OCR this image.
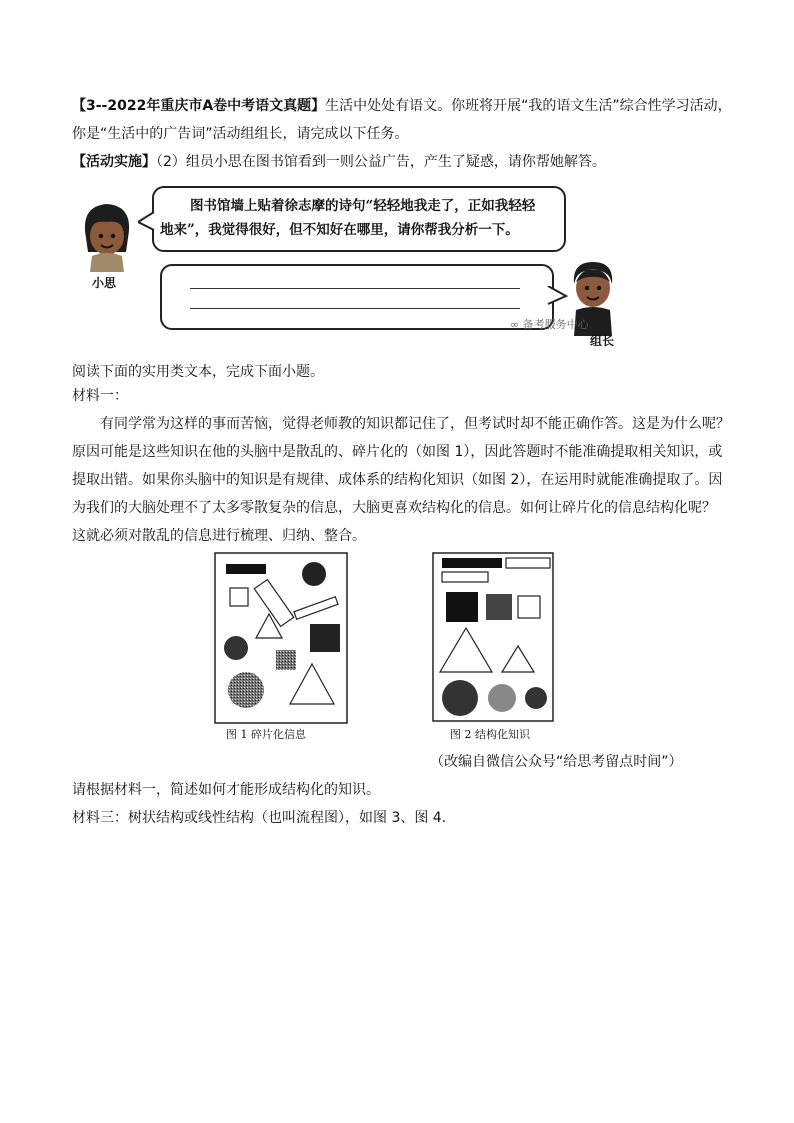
【3--2022年重庆市A卷中考语文真题】生活中处处有语文。你班将开展“我的语文生活”综合性学习活动，
你是“生活中的广告词”活动组组长，请完成以下任务。
【活动实施】（2）组员小思在图书馆看到一则公益广告，产生了疑惑，请你帮她解答。
小思
图书馆墙上贴着徐志摩的诗句“轻轻地我走了，正如我轻轻
地来”，我觉得很好，但不知好在哪里，请你帮我分析一下。
组长
∞ 备考服务中心
阅读下面的实用类文本，完成下面小题。
材料一：
有同学常为这样的事而苦恼，觉得老师教的知识都记住了，但考试时却不能正确作答。这是为什么呢？
原因可能是这些知识在他的头脑中是散乱的、碎片化的（如图 1），因此答题时不能准确提取相关知识，或
提取出错。如果你头脑中的知识是有规律、成体系的结构化知识（如图 2），在运用时就能准确提取了。因
为我们的大脑处理不了太多零散复杂的信息，大脑更喜欢结构化的信息。如何让碎片化的信息结构化呢？
这就必须对散乱的信息进行梳理、归纳、整合。
图 1 碎片化信息	图 2 结构化知识
（改编自微信公众号“给思考留点时间”）
请根据材料一，简述如何才能形成结构化的知识。
材料三：树状结构或线性结构（也叫流程图），如图 3、图 4.
